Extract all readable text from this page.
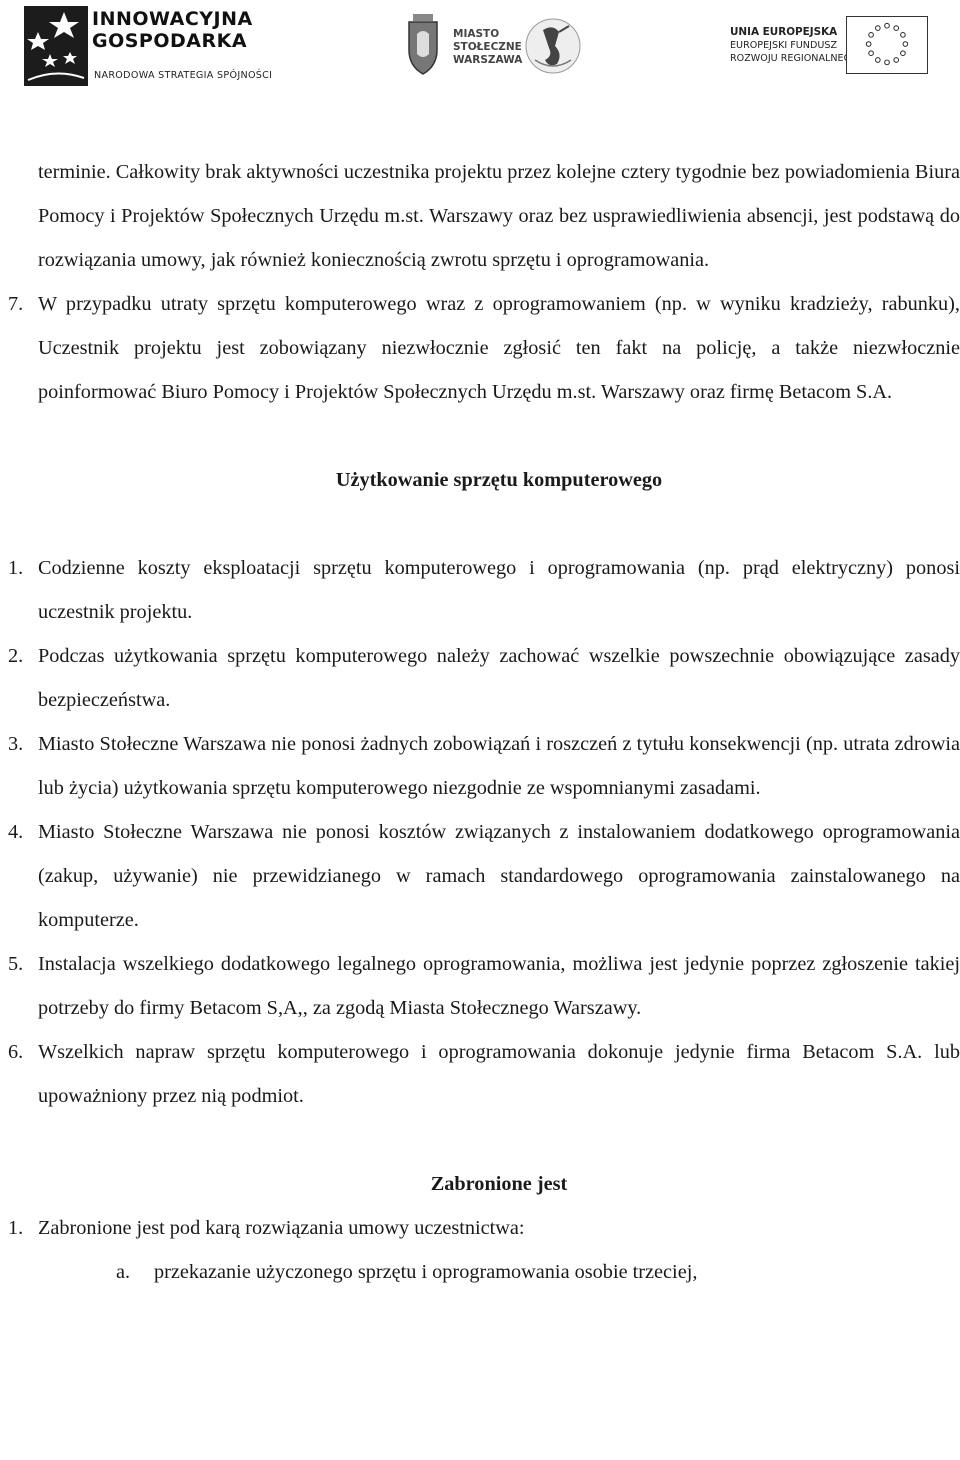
INNOWACYJNA
GOSPODARKA
NARODOWA STRATEGIA SPÓJNOŚCI
MIASTO
STOŁECZNE
WARSZAWA
UNIA EUROPEJSKA
EUROPEJSKI FUNDUSZ
ROZWOJU REGIONALNEGO

terminie. Całkowity brak aktywności uczestnika projektu przez kolejne cztery tygodnie bez powiadomienia Biura Pomocy i Projektów Społecznych Urzędu m.st. Warszawy oraz bez usprawiedliwienia absencji, jest podstawą do rozwiązania umowy, jak również koniecznością zwrotu sprzętu i oprogramowania.

7. W przypadku utraty sprzętu komputerowego wraz z oprogramowaniem (np. w wyniku kradzieży, rabunku), Uczestnik projektu jest zobowiązany niezwłocznie zgłosić ten fakt na policję, a także niezwłocznie poinformować Biuro Pomocy i Projektów Społecznych Urzędu m.st. Warszawy oraz firmę Betacom S.A.

Użytkowanie sprzętu komputerowego

1. Codzienne koszty eksploatacji sprzętu komputerowego i oprogramowania (np. prąd elektryczny) ponosi uczestnik projektu.
2. Podczas użytkowania sprzętu komputerowego należy zachować wszelkie powszechnie obowiązujące zasady bezpieczeństwa.
3. Miasto Stołeczne Warszawa nie ponosi żadnych zobowiązań i roszczeń z tytułu konsekwencji (np. utrata zdrowia lub życia) użytkowania sprzętu komputerowego niezgodnie ze wspomnianymi zasadami.
4. Miasto Stołeczne Warszawa nie ponosi kosztów związanych z instalowaniem dodatkowego oprogramowania (zakup, używanie) nie przewidzianego w ramach standardowego oprogramowania zainstalowanego na komputerze.
5. Instalacja wszelkiego dodatkowego legalnego oprogramowania, możliwa jest jedynie poprzez zgłoszenie takiej potrzeby do firmy Betacom S,A,, za zgodą Miasta Stołecznego Warszawy.
6. Wszelkich napraw sprzętu komputerowego i oprogramowania dokonuje jedynie firma Betacom S.A. lub upoważniony przez nią podmiot.

Zabronione jest

1. Zabronione jest pod karą rozwiązania umowy uczestnictwa:
a. przekazanie użyczonego sprzętu i oprogramowania osobie trzeciej,
